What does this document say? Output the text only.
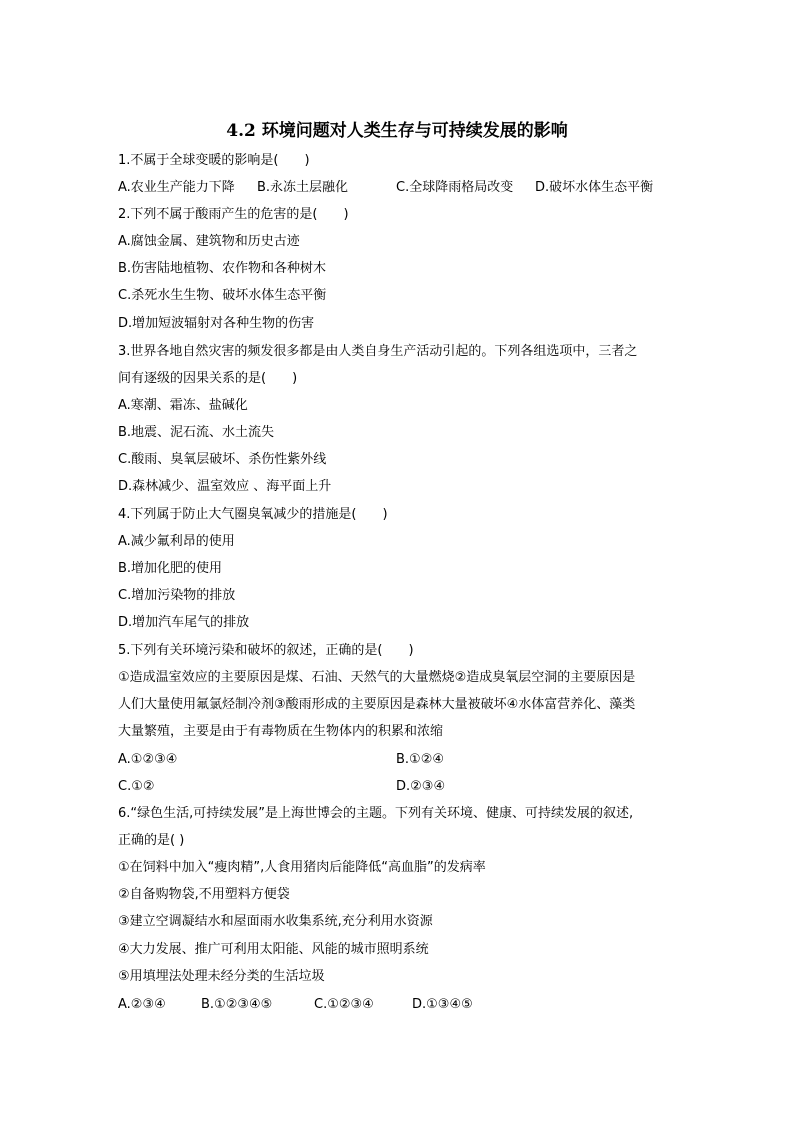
4.2 环境问题对人类生存与可持续发展的影响
1.不属于全球变暖的影响是(　　)
A.农业生产能力下降 B.永冻土层融化	C.全球降雨格局改变 D.破坏水体生态平衡
2.下列不属于酸雨产生的危害的是(　　)
A.腐蚀金属、建筑物和历史古迹
B.伤害陆地植物、农作物和各种树木
C.杀死水生生物、破坏水体生态平衡
D.增加短波辐射对各种生物的伤害
3.世界各地自然灾害的频发很多都是由人类自身生产活动引起的。下列各组选项中，三者之
间有逐级的因果关系的是(　　)
A.寒潮、霜冻、盐碱化
B.地震、泥石流、水土流失
C.酸雨、臭氧层破坏、杀伤性紫外线
D.森林减少、温室效应 、海平面上升
4.下列属于防止大气圈臭氧减少的措施是(　　)
A.减少氟利昂的使用
B.增加化肥的使用
C.增加污染物的排放
D.增加汽车尾气的排放
5.下列有关环境污染和破坏的叙述，正确的是(　　)
①造成温室效应的主要原因是煤、石油、天然气的大量燃烧②造成臭氧层空洞的主要原因是
人们大量使用氟氯烃制冷剂③酸雨形成的主要原因是森林大量被破坏④水体富营养化、藻类
大量繁殖，主要是由于有毒物质在生物体内的积累和浓缩
A.①②③④	B.①②④
C.①②	D.②③④
6.“绿色生活,可持续发展”是上海世博会的主题。下列有关环境、健康、可持续发展的叙述,
正确的是( )
①在饲料中加入“瘦肉精”,人食用猪肉后能降低“高血脂”的发病率
②自备购物袋,不用塑料方便袋
③建立空调凝结水和屋面雨水收集系统,充分利用水资源
④大力发展、推广可利用太阳能、风能的城市照明系统
⑤用填埋法处理未经分类的生活垃圾
A.②③④	B.①②③④⑤	C.①②③④	D.①③④⑤
